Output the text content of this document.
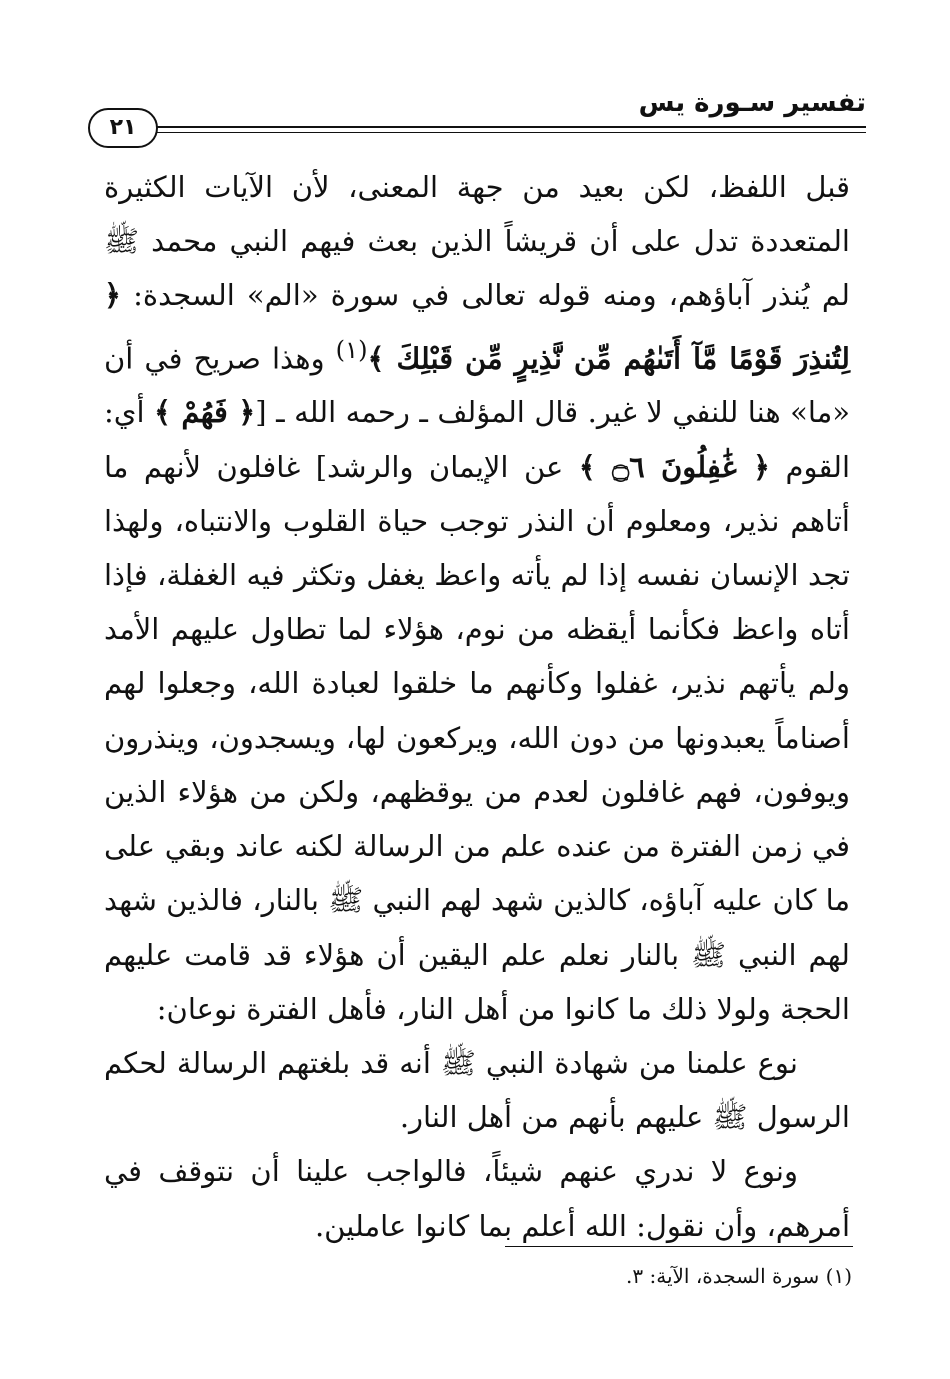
تفسير سـورة يس
٢١

قبل اللفظ، لكن بعيد من جهة المعنى، لأن الآيات الكثيرة المتعددة تدل على أن قريشاً الذين بعث فيهم النبي محمد ﷺ لم يُنذر آباؤهم، ومنه قوله تعالى في سورة «الم» السجدة: ﴿ لِتُنذِرَ قَوْمًا مَّآ أَتَىٰهُم مِّن نَّذِيرٍ مِّن قَبْلِكَ ﴾$^{(١)}$ وهذا صريح في أن «ما» هنا للنفي لا غير. قال المؤلف ـ رحمه الله ـ [﴿ فَهُمْ ﴾ أي: القوم ﴿ غَٰفِلُونَ ۝٦ ﴾ عن الإيمان والرشد] غافلون لأنهم ما أتاهم نذير، ومعلوم أن النذر توجب حياة القلوب والانتباه، ولهذا تجد الإنسان نفسه إذا لم يأته واعظ يغفل وتكثر فيه الغفلة، فإذا أتاه واعظ فكأنما أيقظه من نوم، هؤلاء لما تطاول عليهم الأمد ولم يأتهم نذير، غفلوا وكأنهم ما خلقوا لعبادة الله، وجعلوا لهم أصناماً يعبدونها من دون الله، ويركعون لها، ويسجدون، وينذرون ويوفون، فهم غافلون لعدم من يوقظهم، ولكن من هؤلاء الذين في زمن الفترة من عنده علم من الرسالة لكنه عاند وبقي على ما كان عليه آباؤه، كالذين شهد لهم النبي ﷺ بالنار، فالذين شهد لهم النبي ﷺ بالنار نعلم علم اليقين أن هؤلاء قد قامت عليهم الحجة ولولا ذلك ما كانوا من أهل النار، فأهل الفترة نوعان:

نوع علمنا من شهادة النبي ﷺ أنه قد بلغتهم الرسالة لحكم الرسول ﷺ عليهم بأنهم من أهل النار.

ونوع لا ندري عنهم شيئاً، فالواجب علينا أن نتوقف في أمرهم، وأن نقول: الله أعلم بما كانوا عاملين.

(١) سورة السجدة، الآية: ٣.
